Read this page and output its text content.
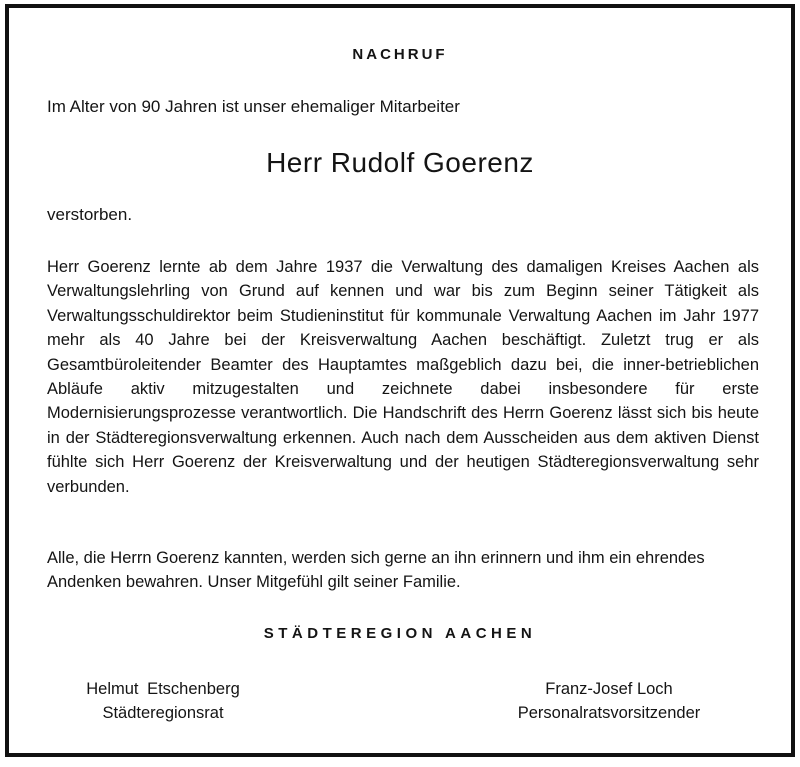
NACHRUF
Im Alter von 90 Jahren ist unser ehemaliger Mitarbeiter
Herr Rudolf Goerenz
verstorben.

Herr Goerenz lernte ab dem Jahre 1937 die Verwaltung des damaligen Kreises Aachen als Verwaltungslehrling von Grund auf kennen und war bis zum Beginn seiner Tätigkeit als Verwaltungsschuldirektor beim Studieninstitut für kommunale Verwaltung Aachen im Jahr 1977 mehr als 40 Jahre bei der Kreisverwaltung Aachen beschäftigt. Zuletzt trug er als Gesamtbüroleitender Beamter des Hauptamtes maßgeblich dazu bei, die inner-betrieblichen Abläufe aktiv mitzugestalten und zeichnete dabei insbesondere für erste Modernisierungsprozesse verantwortlich. Die Handschrift des Herrn Goerenz lässt sich bis heute in der Städteregionsverwaltung erkennen. Auch nach dem Ausscheiden aus dem aktiven Dienst fühlte sich Herr Goerenz der Kreisverwaltung und der heutigen Städteregionsverwaltung sehr verbunden.

Alle, die Herrn Goerenz kannten, werden sich gerne an ihn erinnern und ihm ein ehrendes Andenken bewahren. Unser Mitgefühl gilt seiner Familie.

STÄDTEREGION AACHEN
Helmut Etschenberg
Städteregionsrat
Franz-Josef Loch
Personalratsvorsitzender
